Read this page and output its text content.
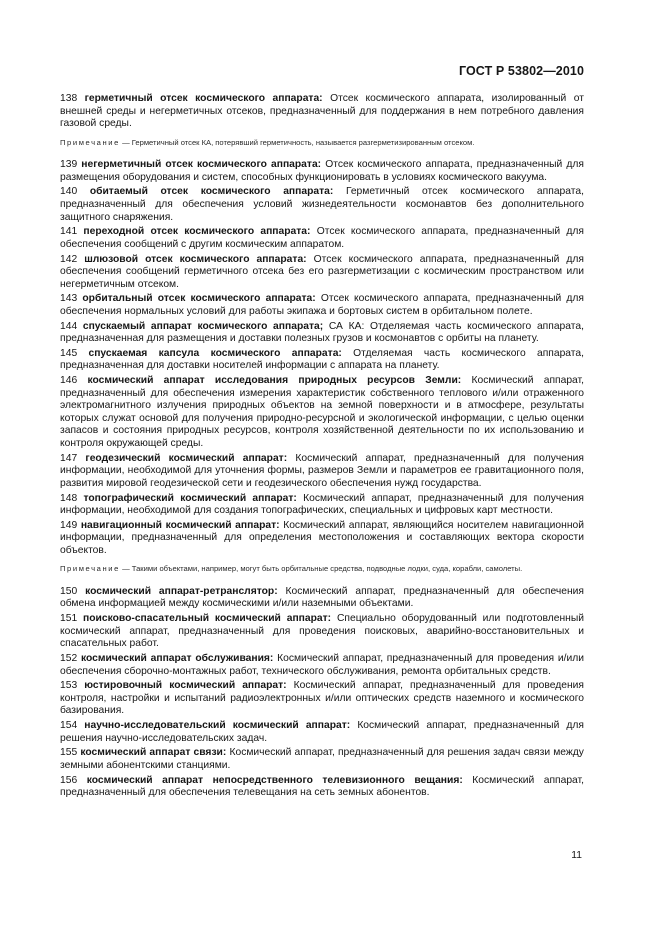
ГОСТ Р 53802—2010

138 герметичный отсек космического аппарата: Отсек космического аппарата, изолированный от внешней среды и негерметичных отсеков, предназначенный для поддержания в нем потребного давления газовой среды.

Примечание — Герметичный отсек КА, потерявший герметичность, называется разгерметизированным отсеком.

139 негерметичный отсек космического аппарата: Отсек космического аппарата, предназначенный для размещения оборудования и систем, способных функционировать в условиях космического вакуума.

140 обитаемый отсек космического аппарата: Герметичный отсек космического аппарата, предназначенный для обеспечения условий жизнедеятельности космонавтов без дополнительного защитного снаряжения.

141 переходной отсек космического аппарата: Отсек космического аппарата, предназначенный для обеспечения сообщений с другим космическим аппаратом.

142 шлюзовой отсек космического аппарата: Отсек космического аппарата, предназначенный для обеспечения сообщений герметичного отсека без его разгерметизации с космическим пространством или негерметичным отсеком.

143 орбитальный отсек космического аппарата: Отсек космического аппарата, предназначенный для обеспечения нормальных условий для работы экипажа и бортовых систем в орбитальном полете.

144 спускаемый аппарат космического аппарата; СА КА: Отделяемая часть космического аппарата, предназначенная для размещения и доставки полезных грузов и космонавтов с орбиты на планету.

145 спускаемая капсула космического аппарата: Отделяемая часть космического аппарата, предназначенная для доставки носителей информации с аппарата на планету.

146 космический аппарат исследования природных ресурсов Земли: Космический аппарат, предназначенный для обеспечения измерения характеристик собственного теплового и/или отраженного электромагнитного излучения природных объектов на земной поверхности и в атмосфере, результаты которых служат основой для получения природно-ресурсной и экологической информации, с целью оценки запасов и состояния природных ресурсов, контроля хозяйственной деятельности по их использованию и контроля окружающей среды.

147 геодезический космический аппарат: Космический аппарат, предназначенный для получения информации, необходимой для уточнения формы, размеров Земли и параметров ее гравитационного поля, развития мировой геодезической сети и геодезического обеспечения нужд государства.

148 топографический космический аппарат: Космический аппарат, предназначенный для получения информации, необходимой для создания топографических, специальных и цифровых карт местности.

149 навигационный космический аппарат: Космический аппарат, являющийся носителем навигационной информации, предназначенный для определения местоположения и составляющих вектора скорости объектов.

Примечание — Такими объектами, например, могут быть орбитальные средства, подводные лодки, суда, корабли, самолеты.

150 космический аппарат-ретранслятор: Космический аппарат, предназначенный для обеспечения обмена информацией между космическими и/или наземными объектами.

151 поисково-спасательный космический аппарат: Специально оборудованный или подготовленный космический аппарат, предназначенный для проведения поисковых, аварийно-восстановительных и спасательных работ.

152 космический аппарат обслуживания: Космический аппарат, предназначенный для проведения и/или обеспечения сборочно-монтажных работ, технического обслуживания, ремонта орбитальных средств.

153 юстировочный космический аппарат: Космический аппарат, предназначенный для проведения контроля, настройки и испытаний радиоэлектронных и/или оптических средств наземного и космического базирования.

154 научно-исследовательский космический аппарат: Космический аппарат, предназначенный для решения научно-исследовательских задач.

155 космический аппарат связи: Космический аппарат, предназначенный для решения задач связи между земными абонентскими станциями.

156 космический аппарат непосредственного телевизионного вещания: Космический аппарат, предназначенный для обеспечения телевещания на сеть земных абонентов.

11
